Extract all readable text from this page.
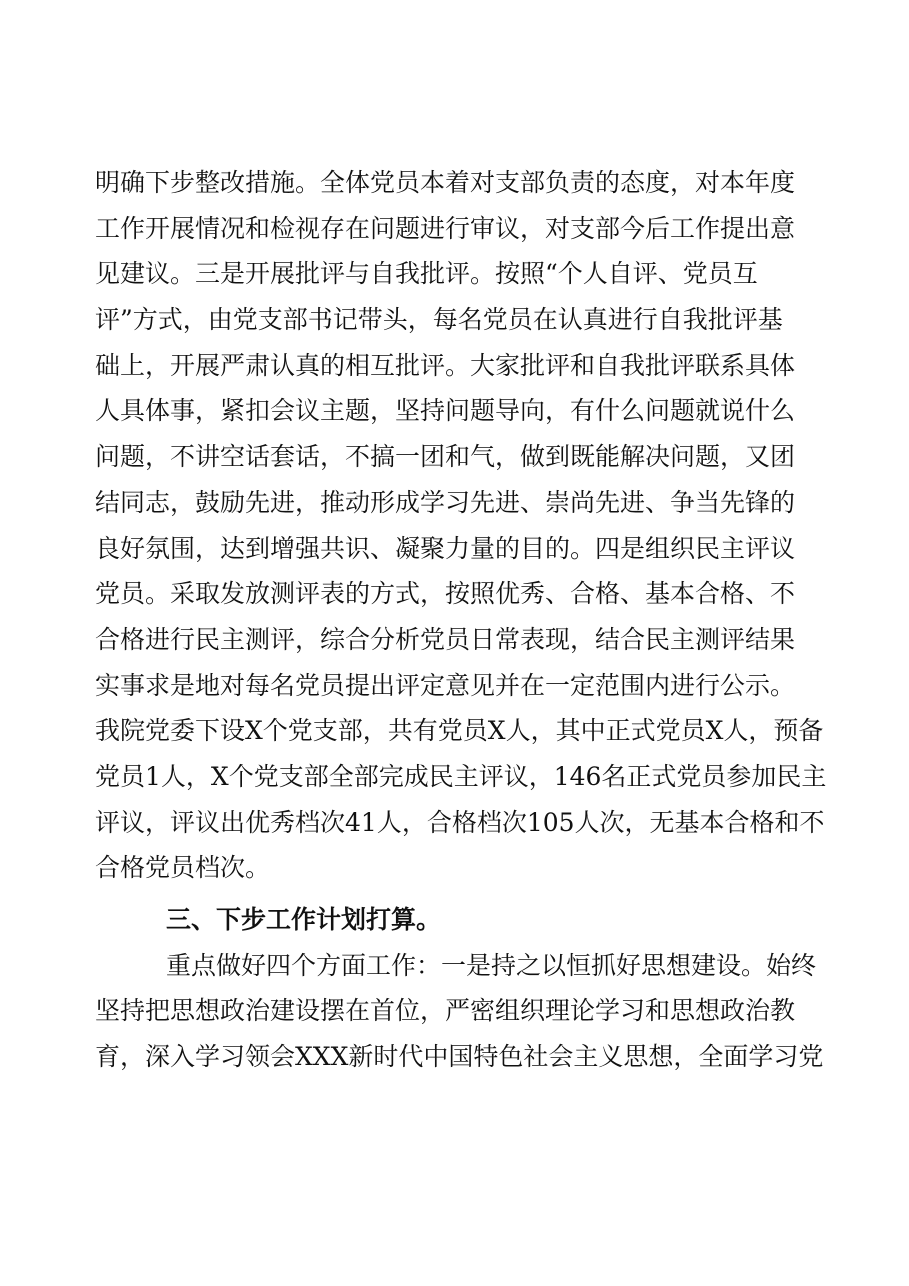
明确下步整改措施。全体党员本着对支部负责的态度，对本年度
工作开展情况和检视存在问题进行审议，对支部今后工作提出意
见建议。三是开展批评与自我批评。按照“个人自评、党员互
评”方式，由党支部书记带头，每名党员在认真进行自我批评基
础上，开展严肃认真的相互批评。大家批评和自我批评联系具体
人具体事，紧扣会议主题，坚持问题导向，有什么问题就说什么
问题，不讲空话套话，不搞一团和气，做到既能解决问题，又团
结同志，鼓励先进，推动形成学习先进、崇尚先进、争当先锋的
良好氛围，达到增强共识、凝聚力量的目的。四是组织民主评议
党员。采取发放测评表的方式，按照优秀、合格、基本合格、不
合格进行民主测评，综合分析党员日常表现，结合民主测评结果
实事求是地对每名党员提出评定意见并在一定范围内进行公示。
我院党委下设X个党支部，共有党员X人，其中正式党员X人，预备
党员1人，X个党支部全部完成民主评议，146名正式党员参加民主
评议，评议出优秀档次41人，合格档次105人次，无基本合格和不
合格党员档次。
三、下步工作计划打算。
重点做好四个方面工作：一是持之以恒抓好思想建设。始终
坚持把思想政治建设摆在首位，严密组织理论学习和思想政治教
育，深入学习领会XXX新时代中国特色社会主义思想，全面学习党
